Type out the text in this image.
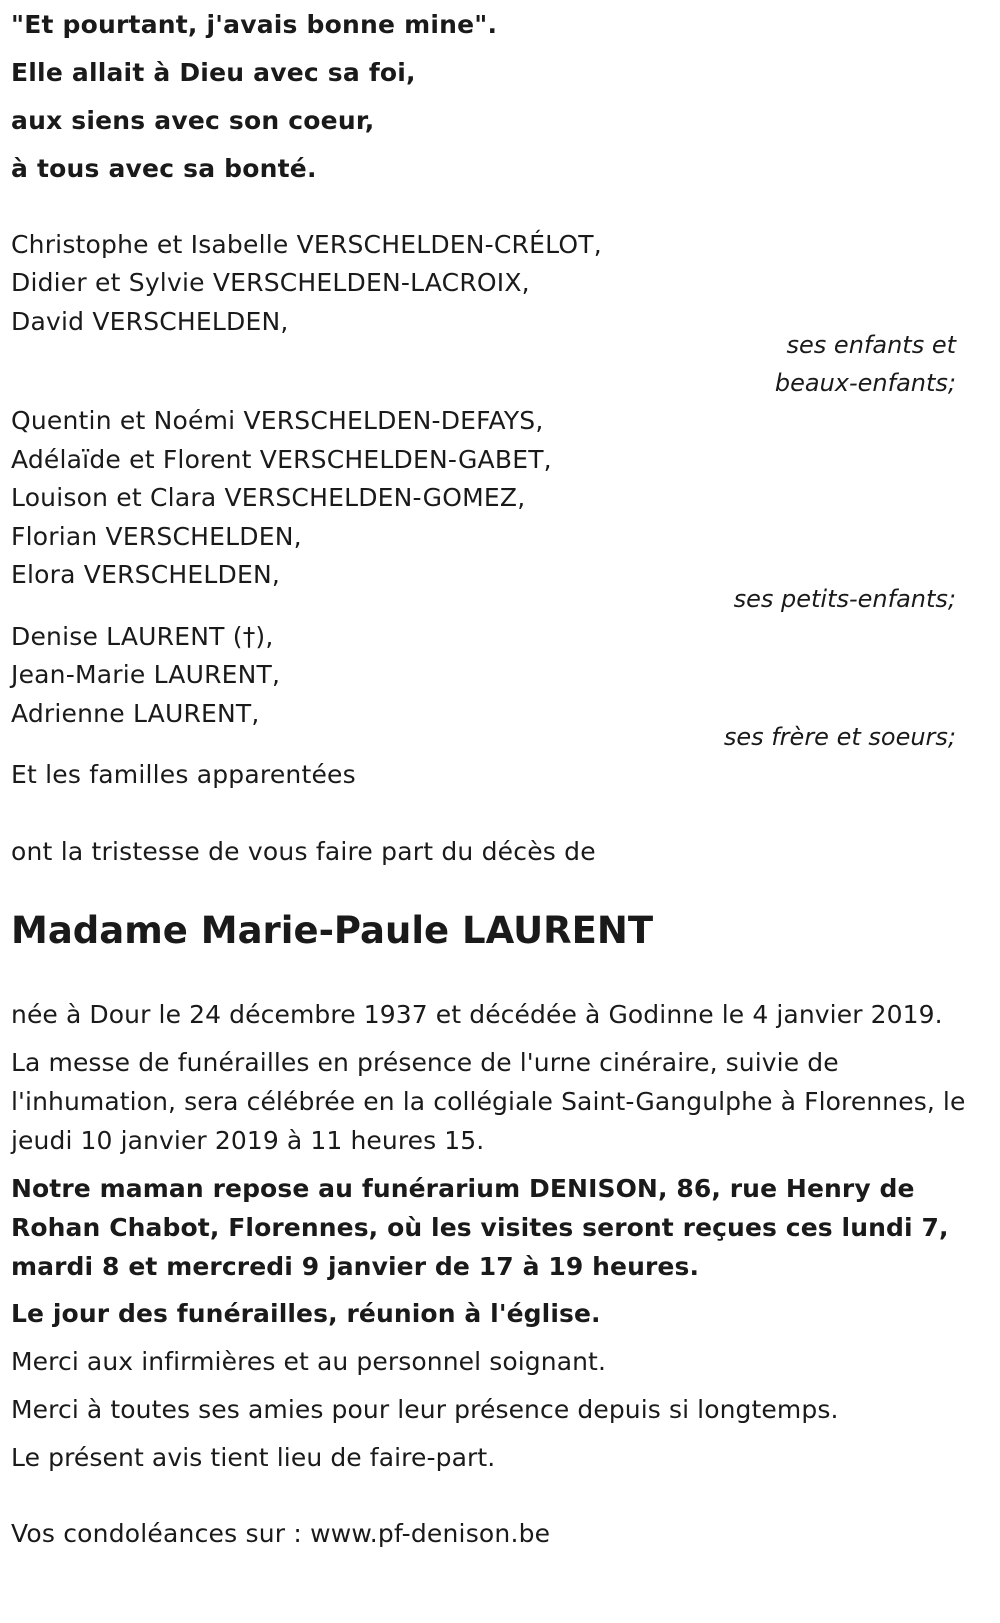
"Et pourtant, j'avais bonne mine".
Elle allait à Dieu avec sa foi,
aux siens avec son coeur,
à tous avec sa bonté.
Christophe et Isabelle VERSCHELDEN-CRÉLOT,
Didier et Sylvie VERSCHELDEN-LACROIX,
David VERSCHELDEN,
ses enfants et
beaux-enfants;
Quentin et Noémi VERSCHELDEN-DEFAYS,
Adélaïde et Florent VERSCHELDEN-GABET,
Louison et Clara VERSCHELDEN-GOMEZ,
Florian VERSCHELDEN,
Elora VERSCHELDEN,
ses petits-enfants;
Denise LAURENT (†),
Jean-Marie LAURENT,
Adrienne LAURENT,
ses frère et soeurs;
Et les familles apparentées
ont la tristesse de vous faire part du décès de
Madame Marie-Paule LAURENT
née à Dour le 24 décembre 1937 et décédée à Godinne le 4 janvier 2019.
La messe de funérailles en présence de l'urne cinéraire, suivie de l'inhumation, sera célébrée en la collégiale Saint-Gangulphe à Florennes, le jeudi 10 janvier 2019 à 11 heures 15.
Notre maman repose au funérarium DENISON, 86, rue Henry de Rohan Chabot, Florennes, où les visites seront reçues ces lundi 7, mardi 8 et mercredi 9 janvier de 17 à 19 heures.
Le jour des funérailles, réunion à l'église.
Merci aux infirmières et au personnel soignant.
Merci à toutes ses amies pour leur présence depuis si longtemps.
Le présent avis tient lieu de faire-part.
Vos condoléances sur : www.pf-denison.be
